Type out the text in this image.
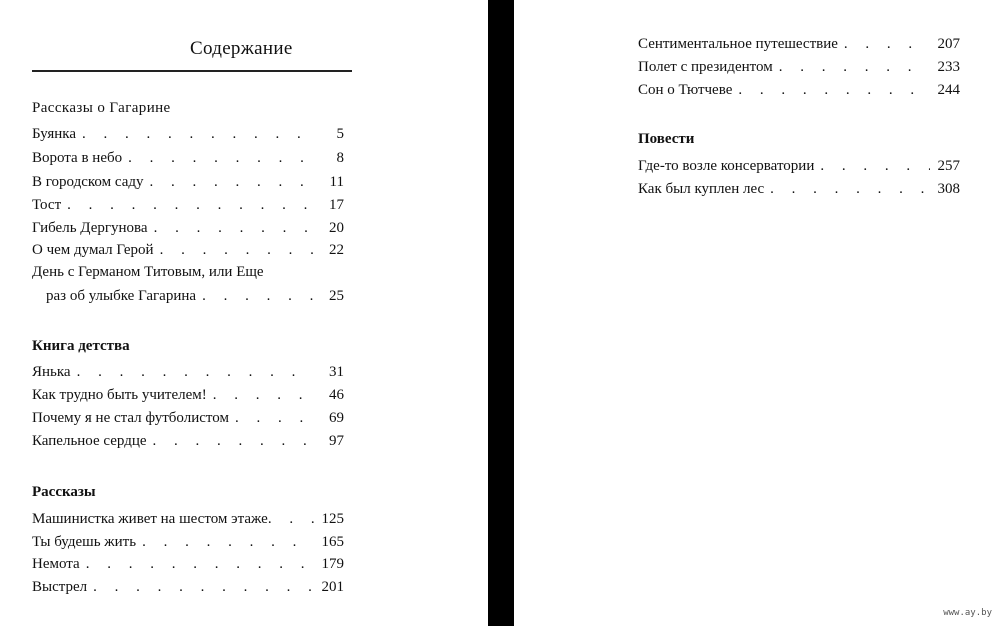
Содержание
Рассказы о Гагарине
Буянка . . .	5
Ворота в небо . . .	8
В городском саду . . .	11
Тост . . .	17
Гибель Дергунова . . .	20
О чем думал Герой . . .	22
День с Германом Титовым, или Еще
раз об улыбке Гагарина . . .	25
Книга детства
Янька . . .	31
Как трудно быть учителем! . . .	46
Почему я не стал футболистом . . .	69
Капельное сердце . . .	97
Рассказы
Машинистка живет на шестом этаже . . .	125
Ты будешь жить . . .	165
Немота . . .	179
Выстрел . . .	201
Сентиментальное путешествие . . .	207
Полет с президентом . . .	233
Сон о Тютчеве . . .	244
Повести
Где-то возле консерватории . . .	257
Как был куплен лес . . .	308
www.ay.by
